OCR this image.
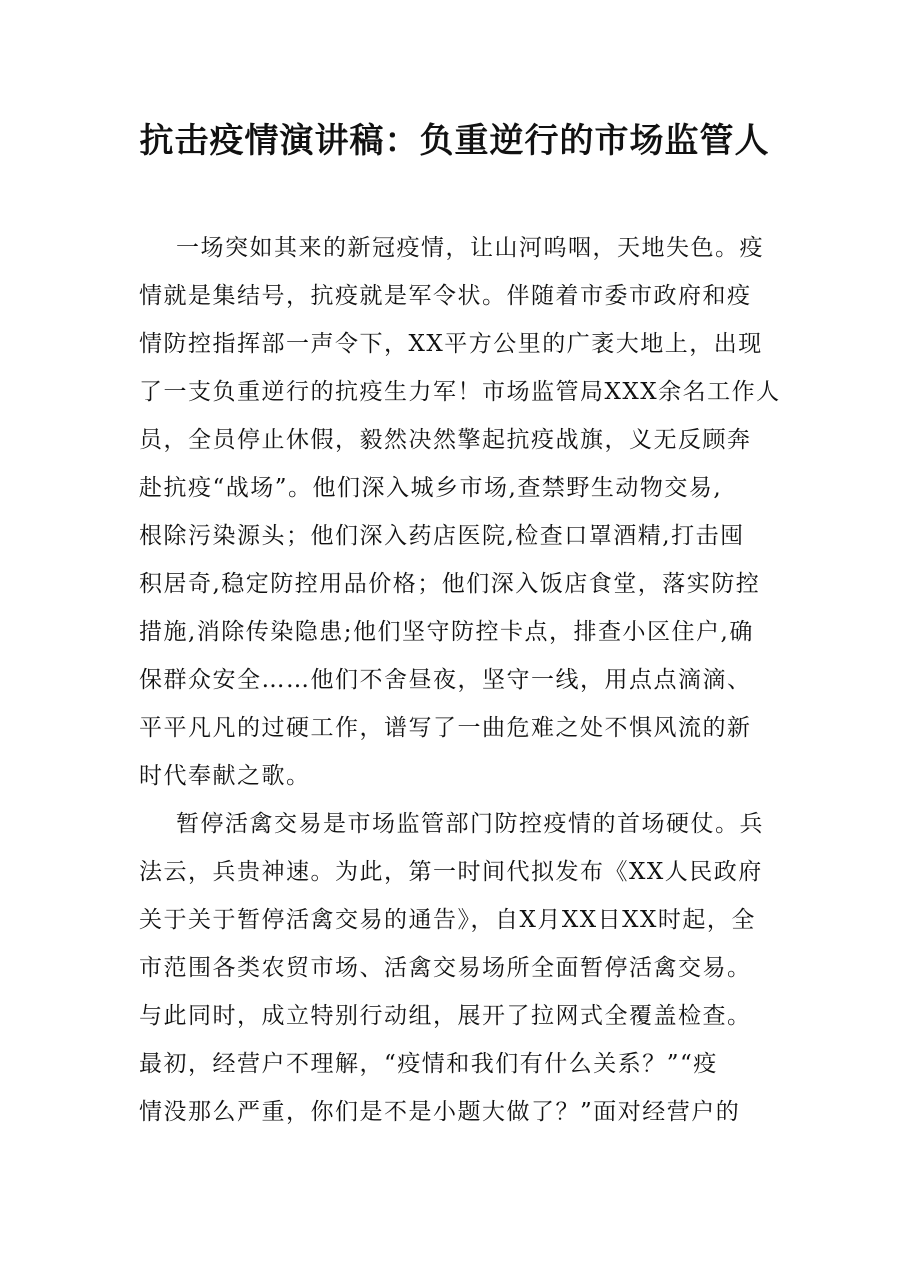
抗击疫情演讲稿：负重逆行的市场监管人
一场突如其来的新冠疫情，让山河呜咽，天地失色。疫
情就是集结号，抗疫就是军令状。伴随着市委市政府和疫
情防控指挥部一声令下，XX平方公里的广袤大地上，出现
了一支负重逆行的抗疫生力军！市场监管局XXX余名工作人
员，全员停止休假，毅然决然擎起抗疫战旗，义无反顾奔
赴抗疫“战场”。他们深入城乡市场,查禁野生动物交易,
根除污染源头；他们深入药店医院,检查口罩酒精,打击囤
积居奇,稳定防控用品价格；他们深入饭店食堂，落实防控
措施,消除传染隐患;他们坚守防控卡点，排查小区住户,确
保群众安全……他们不舍昼夜，坚守一线，用点点滴滴、
平平凡凡的过硬工作，谱写了一曲危难之处不惧风流的新
时代奉献之歌。
暂停活禽交易是市场监管部门防控疫情的首场硬仗。兵
法云，兵贵神速。为此，第一时间代拟发布《XX人民政府
关于关于暂停活禽交易的通告》，自X月XX日XX时起，全
市范围各类农贸市场、活禽交易场所全面暂停活禽交易。
与此同时，成立特别行动组，展开了拉网式全覆盖检查。
最初，经营户不理解，“疫情和我们有什么关系？”“疫
情没那么严重，你们是不是小题大做了？”面对经营户的
